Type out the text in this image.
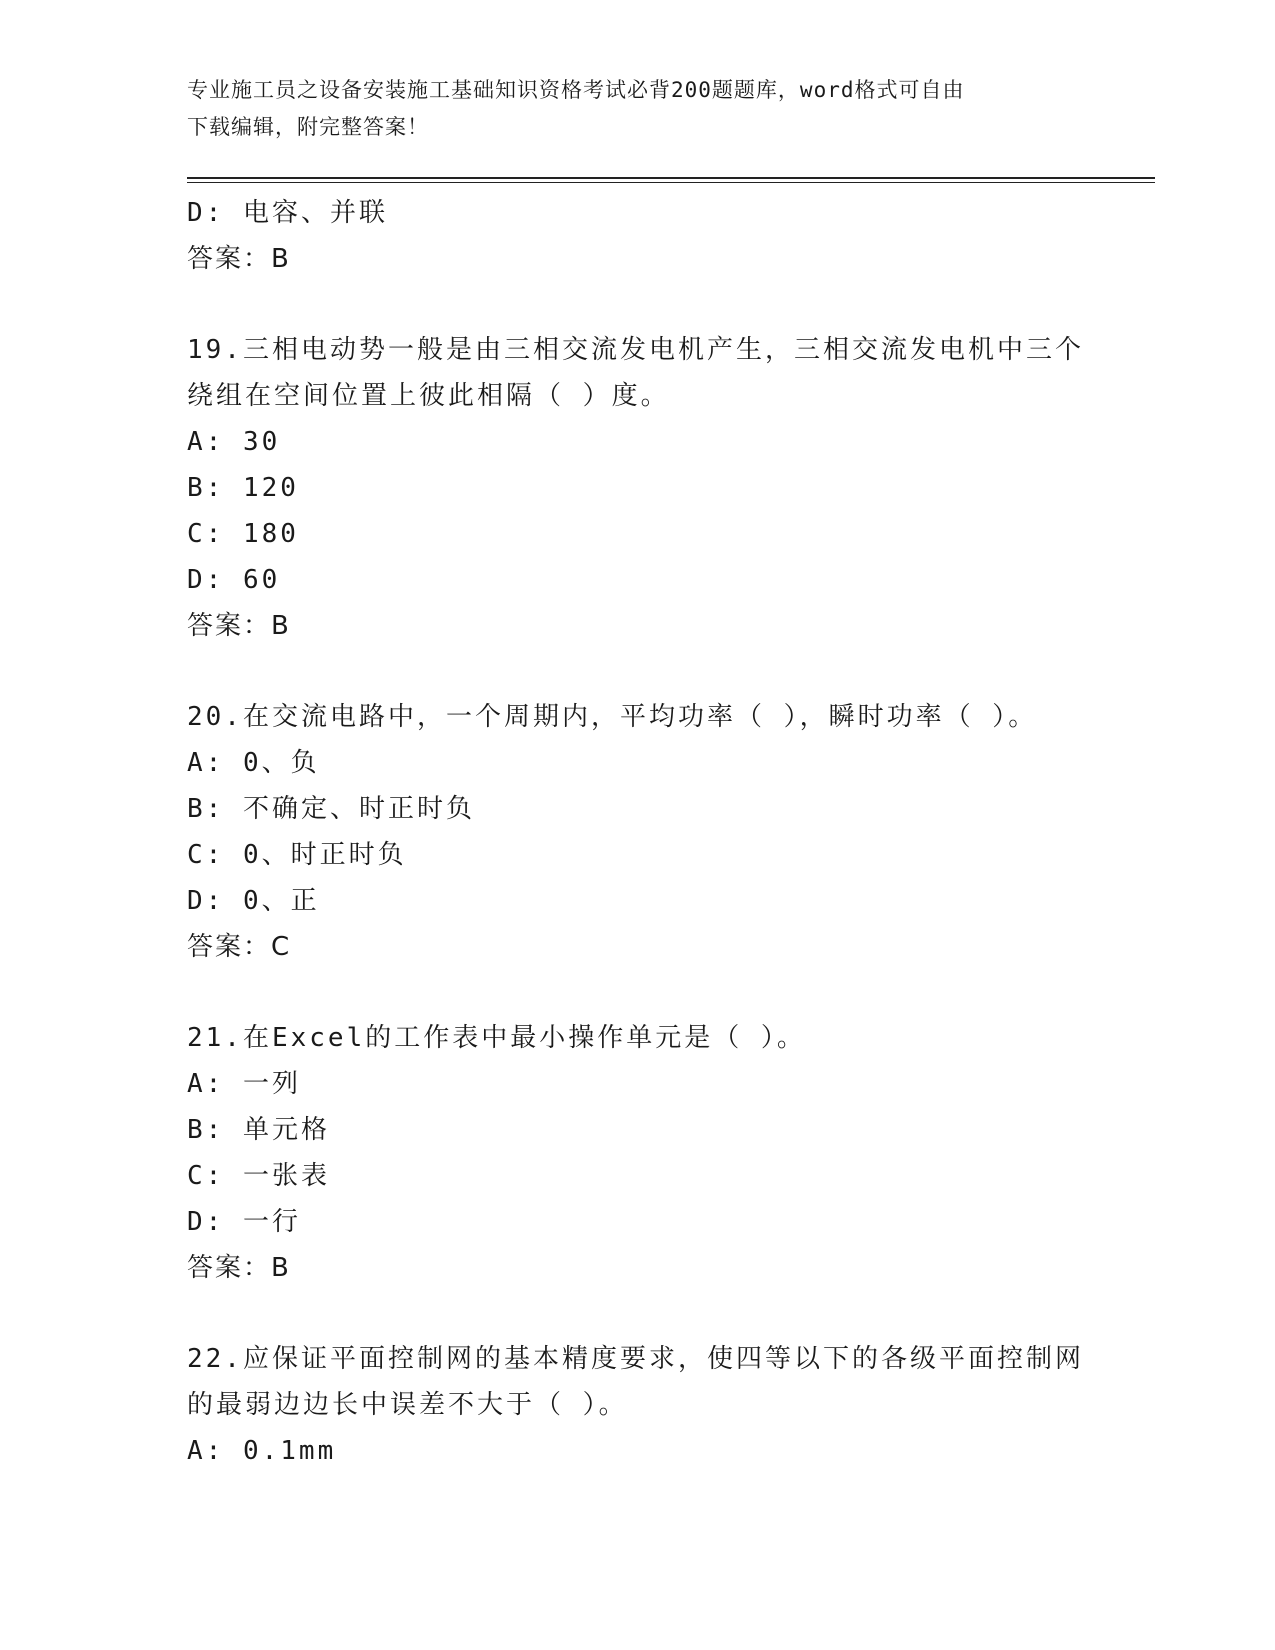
专业施工员之设备安装施工基础知识资格考试必背200题题库，word格式可自由
下载编辑，附完整答案！
D: 电容、并联
答案：B
19.三相电动势一般是由三相交流发电机产生，三相交流发电机中三个
绕组在空间位置上彼此相隔（ ）度。
A: 30
B: 120
C: 180
D: 60
答案：B
20.在交流电路中，一个周期内，平均功率（ ），瞬时功率（ ）。
A: 0、负
B: 不确定、时正时负
C: 0、时正时负
D: 0、正
答案：C
21.在Excel的工作表中最小操作单元是（ ）。
A: 一列
B: 单元格
C: 一张表
D: 一行
答案：B
22.应保证平面控制网的基本精度要求，使四等以下的各级平面控制网
的最弱边边长中误差不大于（ ）。
A: 0.1mm
